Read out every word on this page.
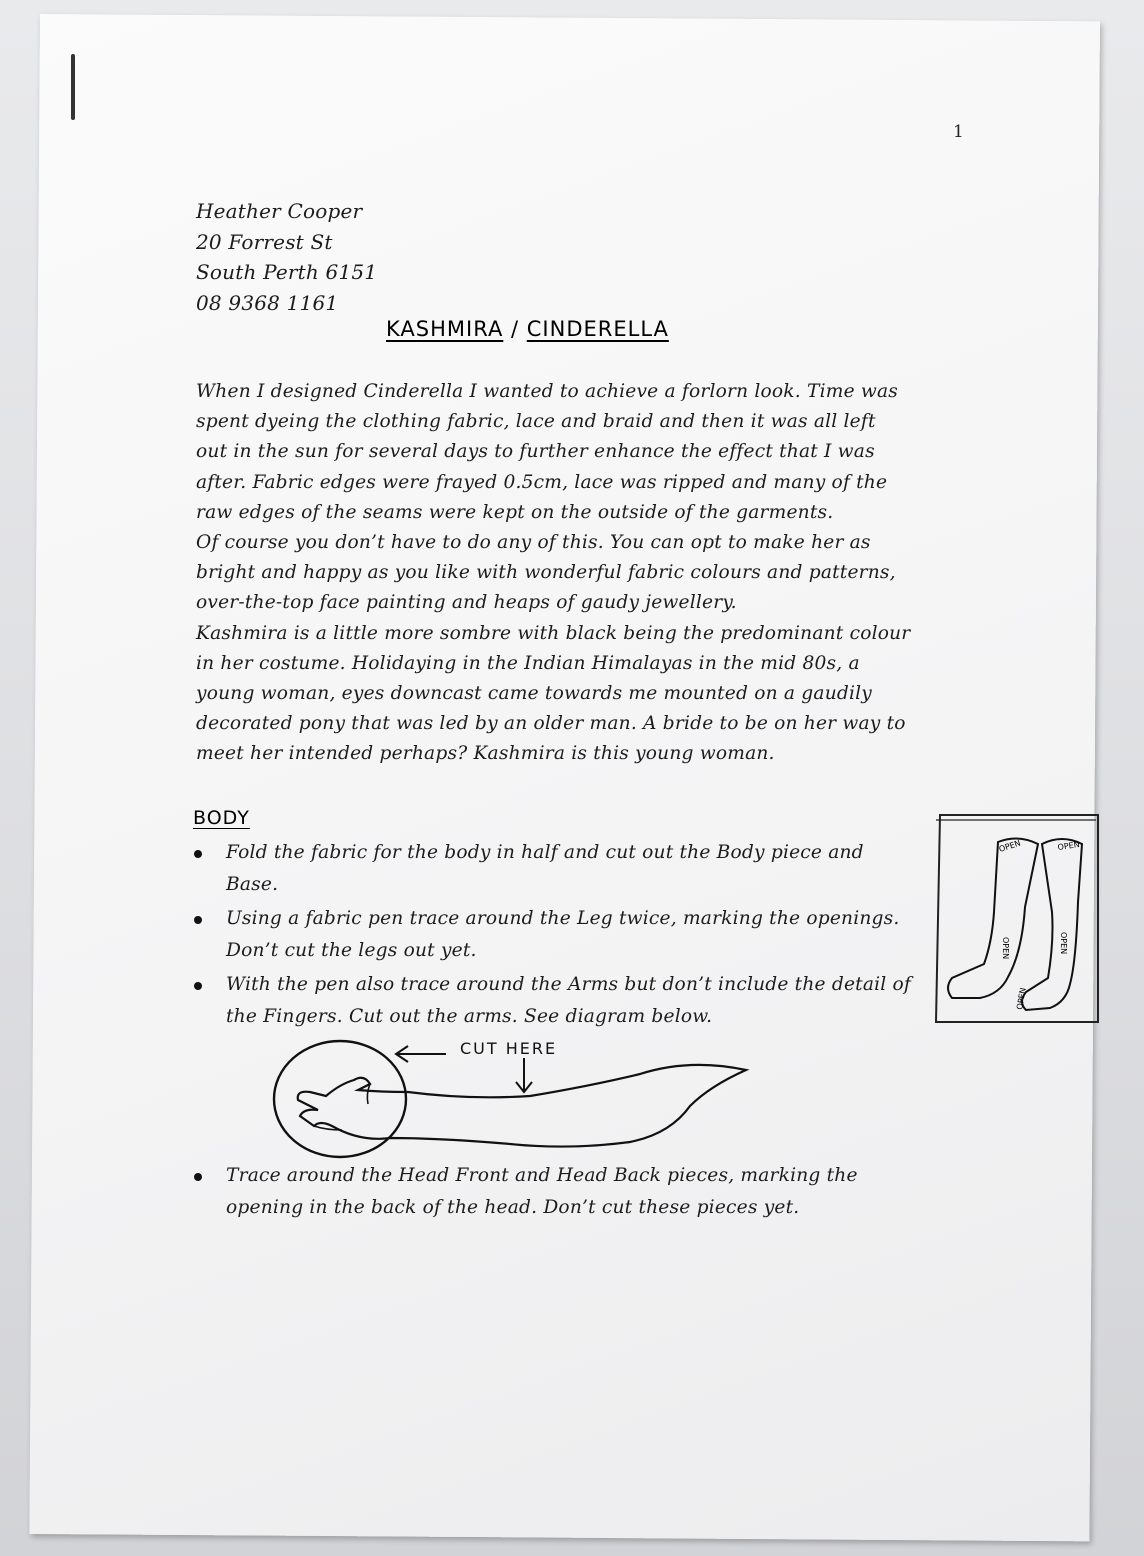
1
Heather Cooper
20 Forrest St
South Perth 6151
08 9368 1161
KASHMIRA / CINDERELLA
When I designed Cinderella I wanted to achieve a forlorn look. Time was
spent dyeing the clothing fabric, lace and braid and then it was all left
out in the sun for several days to further enhance the effect that I was
after. Fabric edges were frayed 0.5cm, lace was ripped and many of the
raw edges of the seams were kept on the outside of the garments.
Of course you don’t have to do any of this. You can opt to make her as
bright and happy as you like with wonderful fabric colours and patterns,
over-the-top face painting and heaps of gaudy jewellery.
Kashmira is a little more sombre with black being the predominant colour
in her costume. Holidaying in the Indian Himalayas in the mid 80s, a
young woman, eyes downcast came towards me mounted on a gaudily
decorated pony that was led by an older man. A bride to be on her way to
meet her intended perhaps? Kashmira is this young woman.
BODY
Fold the fabric for the body in half and cut out the Body piece and
Base.
Using a fabric pen trace around the Leg twice, marking the openings.
Don’t cut the legs out yet.
With the pen also trace around the Arms but don’t include the detail of
the Fingers. Cut out the arms. See diagram below.
OPEN	OPEN
OPEN	OPEN
OPEN
CUT HERE
Trace around the Head Front and Head Back pieces, marking the
opening in the back of the head. Don’t cut these pieces yet.
